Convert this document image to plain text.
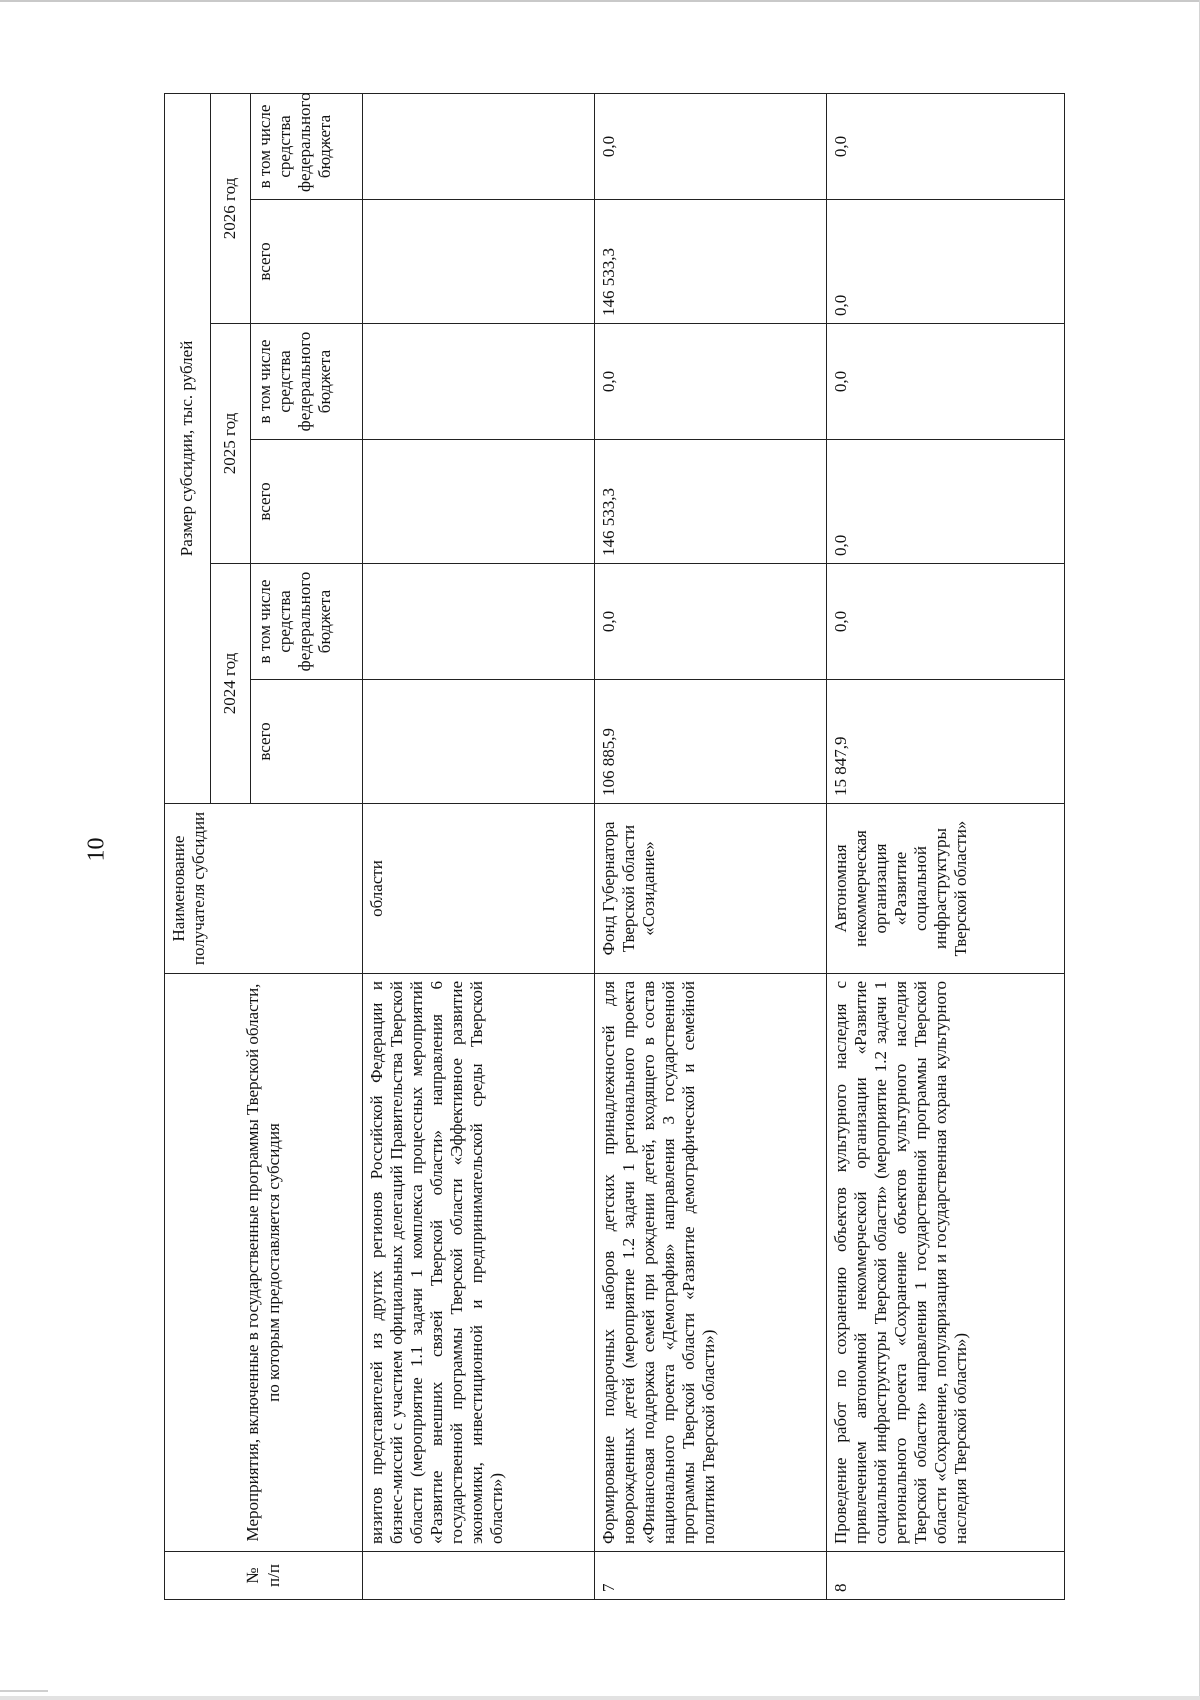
10
№ п/п	Мероприятия, включенные в государственные программы Тверской области, по которым предоставляется субсидия	Наименование получателя субсидии	Размер субсидии, тыс. рублей					
			2024 год		2025 год		2026 год	
			всего	в том числе средства федерального бюджета	всего	в том числе средства федерального бюджета	всего	в том числе средства федерального бюджета
	визитов представителей из других регионов Российской Федерации и бизнес-миссий с участием официальных делегаций Правительства Тверской области (мероприятие 1.1 задачи 1 комплекса процессных мероприятий «Развитие внешних связей Тверской области» направления 6 государственной программы Тверской области «Эффективное развитие экономики, инвестиционной и предпринимательской среды Тверской области»)	области						
7	Формирование подарочных наборов детских принадлежностей для новорожденных детей (мероприятие 1.2 задачи 1 регионального проекта «Финансовая поддержка семей при рождении детей, входящего в состав национального проекта «Демография» направления 3 государственной программы Тверской области «Развитие демографической и семейной политики Тверской области»)	Фонд Губернатора Тверской области «Созидание»	106 885,9	0,0	146 533,3	0,0	146 533,3	0,0
8	Проведение работ по сохранению объектов культурного наследия с привлечением автономной некоммерческой организации «Развитие социальной инфраструктуры Тверской области» (мероприятие 1.2 задачи 1 регионального проекта «Сохранение объектов культурного наследия Тверской области» направления 1 государственной программы Тверской области «Сохранение, популяризация и государственная охрана культурного наследия Тверской области»)	Автономная некоммерческая организация «Развитие социальной инфраструктуры Тверской области»	15 847,9	0,0	0,0	0,0	0,0	0,0
